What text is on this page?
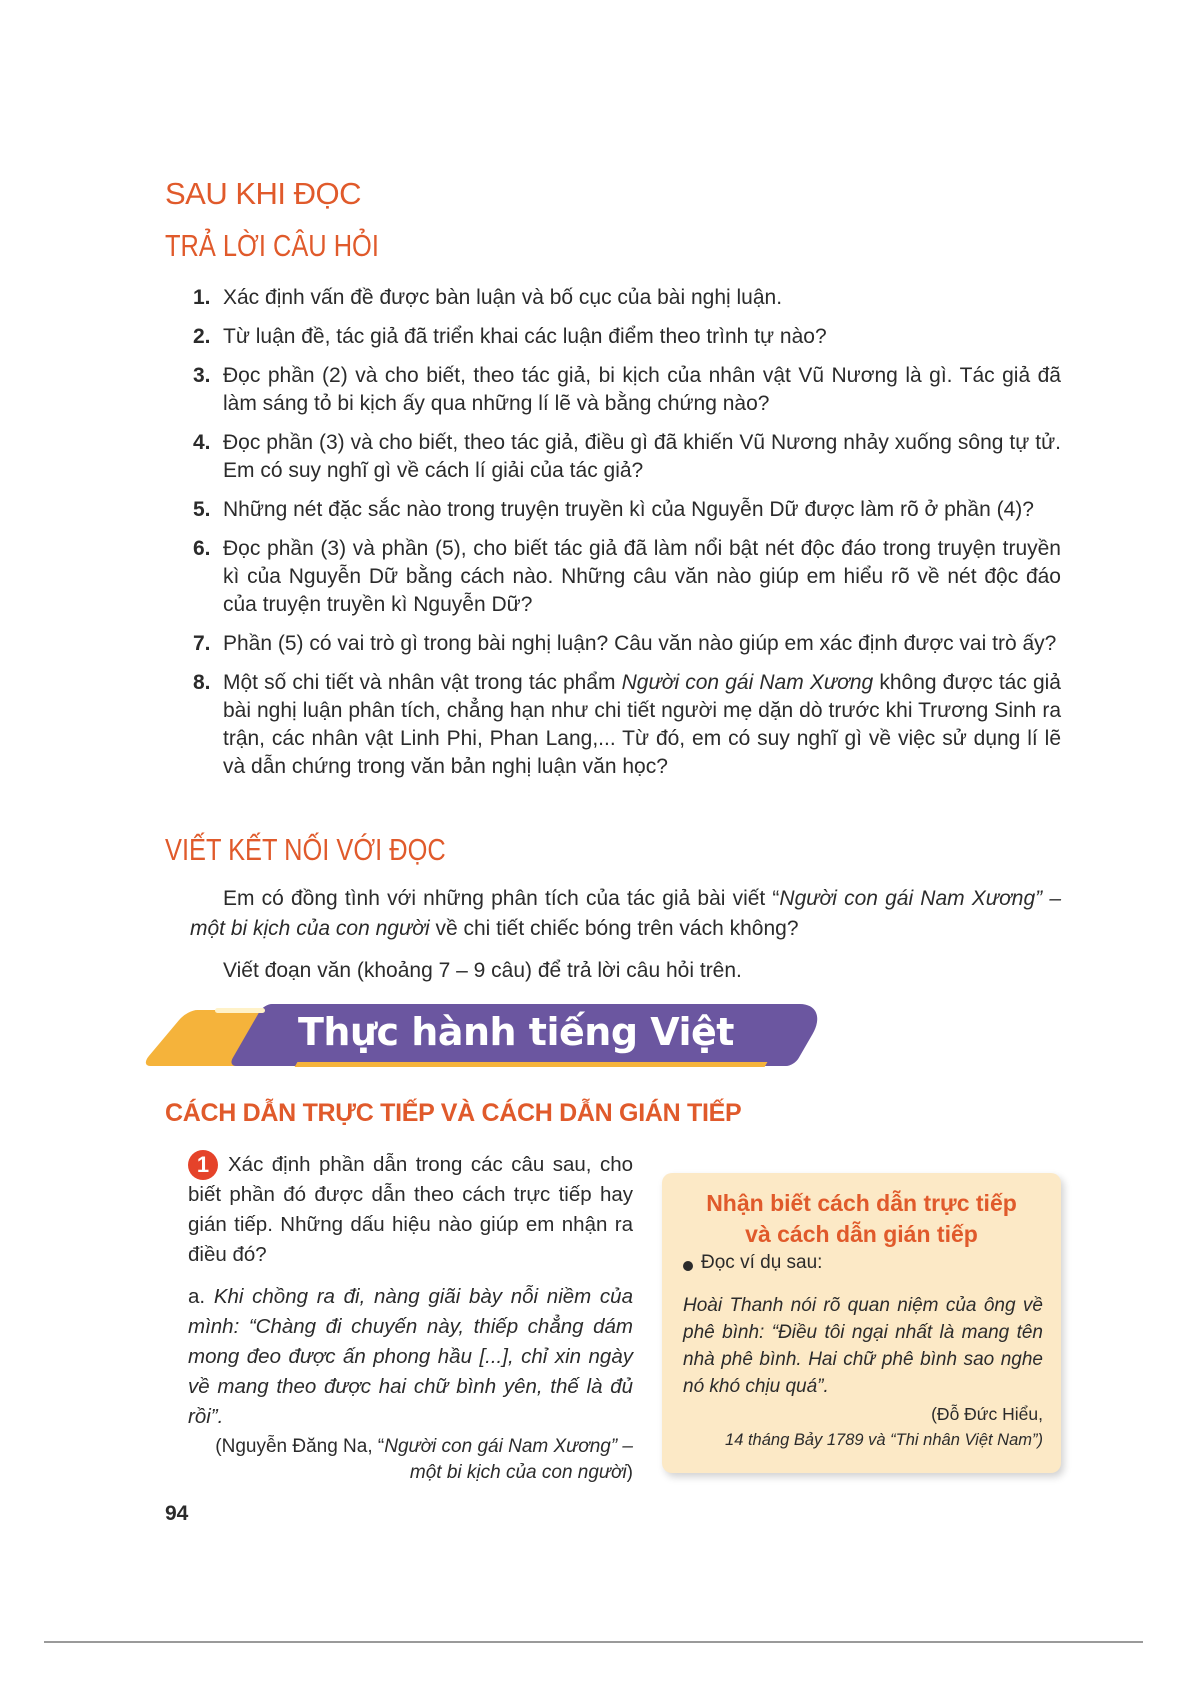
SAU KHI ĐỌC
TRẢ LỜI CÂU HỎI
1. Xác định vấn đề được bàn luận và bố cục của bài nghị luận.
2. Từ luận đề, tác giả đã triển khai các luận điểm theo trình tự nào?
3. Đọc phần (2) và cho biết, theo tác giả, bi kịch của nhân vật Vũ Nương là gì. Tác giả đã làm sáng tỏ bi kịch ấy qua những lí lẽ và bằng chứng nào?
4. Đọc phần (3) và cho biết, theo tác giả, điều gì đã khiến Vũ Nương nhảy xuống sông tự tử. Em có suy nghĩ gì về cách lí giải của tác giả?
5. Những nét đặc sắc nào trong truyện truyền kì của Nguyễn Dữ được làm rõ ở phần (4)?
6. Đọc phần (3) và phần (5), cho biết tác giả đã làm nổi bật nét độc đáo trong truyện truyền kì của Nguyễn Dữ bằng cách nào. Những câu văn nào giúp em hiểu rõ về nét độc đáo của truyện truyền kì Nguyễn Dữ?
7. Phần (5) có vai trò gì trong bài nghị luận? Câu văn nào giúp em xác định được vai trò ấy?
8. Một số chi tiết và nhân vật trong tác phẩm Người con gái Nam Xương không được tác giả bài nghị luận phân tích, chẳng hạn như chi tiết người mẹ dặn dò trước khi Trương Sinh ra trận, các nhân vật Linh Phi, Phan Lang,... Từ đó, em có suy nghĩ gì về việc sử dụng lí lẽ và dẫn chứng trong văn bản nghị luận văn học?
VIẾT KẾT NỐI VỚI ĐỌC
Em có đồng tình với những phân tích của tác giả bài viết “Người con gái Nam Xương” – một bi kịch của con người về chi tiết chiếc bóng trên vách không?
Viết đoạn văn (khoảng 7 – 9 câu) để trả lời câu hỏi trên.
Thực hành tiếng Việt
CÁCH DẪN TRỰC TIẾP VÀ CÁCH DẪN GIÁN TIẾP
Xác định phần dẫn trong các câu sau, cho biết phần đó được dẫn theo cách trực tiếp hay gián tiếp. Những dấu hiệu nào giúp em nhận ra điều đó?
1
a. Khi chồng ra đi, nàng giãi bày nỗi niềm của mình: “Chàng đi chuyến này, thiếp chẳng dám mong đeo được ấn phong hầu [...], chỉ xin ngày về mang theo được hai chữ bình yên, thế là đủ rồi”.
(Nguyễn Đăng Na, “Người con gái Nam Xương” – một bi kịch của con người)
Nhận biết cách dẫn trực tiếp
và cách dẫn gián tiếp
Đọc ví dụ sau:
Hoài Thanh nói rõ quan niệm của ông về phê bình: “Điều tôi ngại nhất là mang tên nhà phê bình. Hai chữ phê bình sao nghe nó khó chịu quá”.
(Đỗ Đức Hiểu,
14 tháng Bảy 1789 và “Thi nhân Việt Nam”)
94
